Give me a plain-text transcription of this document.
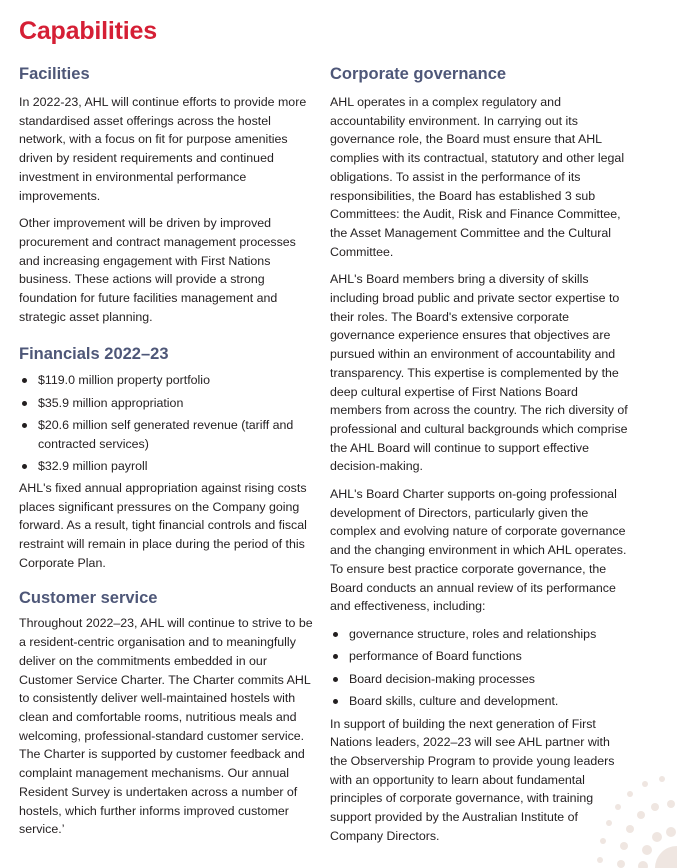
Capabilities
Facilities

In 2022-23, AHL will continue efforts to provide more standardised asset offerings across the hostel network, with a focus on fit for purpose amenities driven by resident requirements and continued investment in environmental performance improvements.

Other improvement will be driven by improved procurement and contract management processes and increasing engagement with First Nations business. These actions will provide a strong foundation for future facilities management and strategic asset planning.

Financials 2022–23
$119.0 million property portfolio
$35.9 million appropriation
$20.6 million self generated revenue (tariff and contracted services)
$32.9 million payroll

AHL's fixed annual appropriation against rising costs places significant pressures on the Company going forward. As a result, tight financial controls and fiscal restraint will remain in place during the period of this Corporate Plan.

Customer service

Throughout 2022–23, AHL will continue to strive to be a resident-centric organisation and to meaningfully deliver on the commitments embedded in our Customer Service Charter. The Charter commits AHL to consistently deliver well-maintained hostels with clean and comfortable rooms, nutritious meals and welcoming, professional-standard customer service. The Charter is supported by customer feedback and complaint management mechanisms. Our annual Resident Survey is undertaken across a number of hostels, which further informs improved customer service.’

Corporate governance

AHL operates in a complex regulatory and accountability environment. In carrying out its governance role, the Board must ensure that AHL complies with its contractual, statutory and other legal obligations. To assist in the performance of its responsibilities, the Board has established 3 sub Committees: the Audit, Risk and Finance Committee, the Asset Management Committee and the Cultural Committee.

AHL's Board members bring a diversity of skills including broad public and private sector expertise to their roles. The Board's extensive corporate governance experience ensures that objectives are pursued within an environment of accountability and transparency. This expertise is complemented by the deep cultural expertise of First Nations Board members from across the country. The rich diversity of professional and cultural backgrounds which comprise the AHL Board will continue to support effective decision-making.

AHL's Board Charter supports on-going professional development of Directors, particularly given the complex and evolving nature of corporate governance and the changing environment in which AHL operates. To ensure best practice corporate governance, the Board conducts an annual review of its performance and effectiveness, including:

governance structure, roles and relationships
performance of Board functions
Board decision-making processes
Board skills, culture and development.

In support of building the next generation of First Nations leaders, 2022–23 will see AHL partner with the Observership Program to provide young leaders with an opportunity to learn about fundamental principles of corporate governance, with training support provided by the Australian Institute of Company Directors.
